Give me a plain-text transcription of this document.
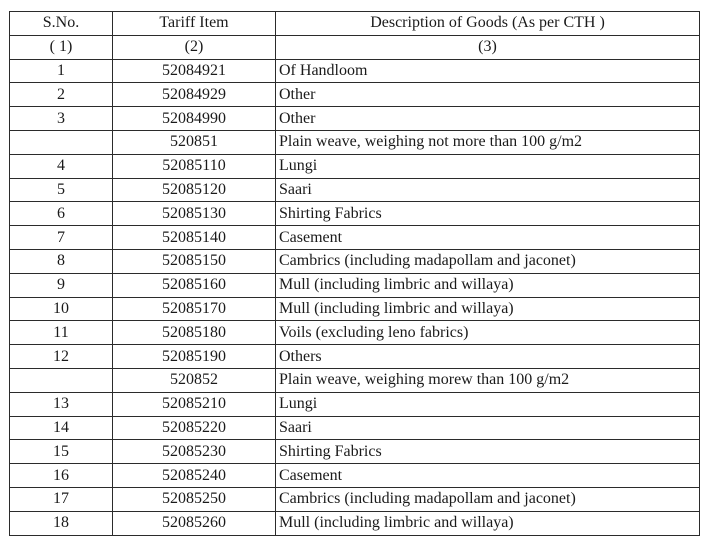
S.No.	Tariff Item	Description of Goods (As per CTH )
( 1)	(2)	(3)
1	52084921	Of Handloom
2	52084929	Other
3	52084990	Other
	520851	Plain weave, weighing not more than 100 g/m2
4	52085110	Lungi
5	52085120	Saari
6	52085130	Shirting Fabrics
7	52085140	Casement
8	52085150	Cambrics (including madapollam and jaconet)
9	52085160	Mull (including limbric and willaya)
10	52085170	Mull (including limbric and willaya)
11	52085180	Voils (excluding leno fabrics)
12	52085190	Others
	520852	Plain weave, weighing morew than 100 g/m2
13	52085210	Lungi
14	52085220	Saari
15	52085230	Shirting Fabrics
16	52085240	Casement
17	52085250	Cambrics (including madapollam and jaconet)
18	52085260	Mull (including limbric and willaya)
